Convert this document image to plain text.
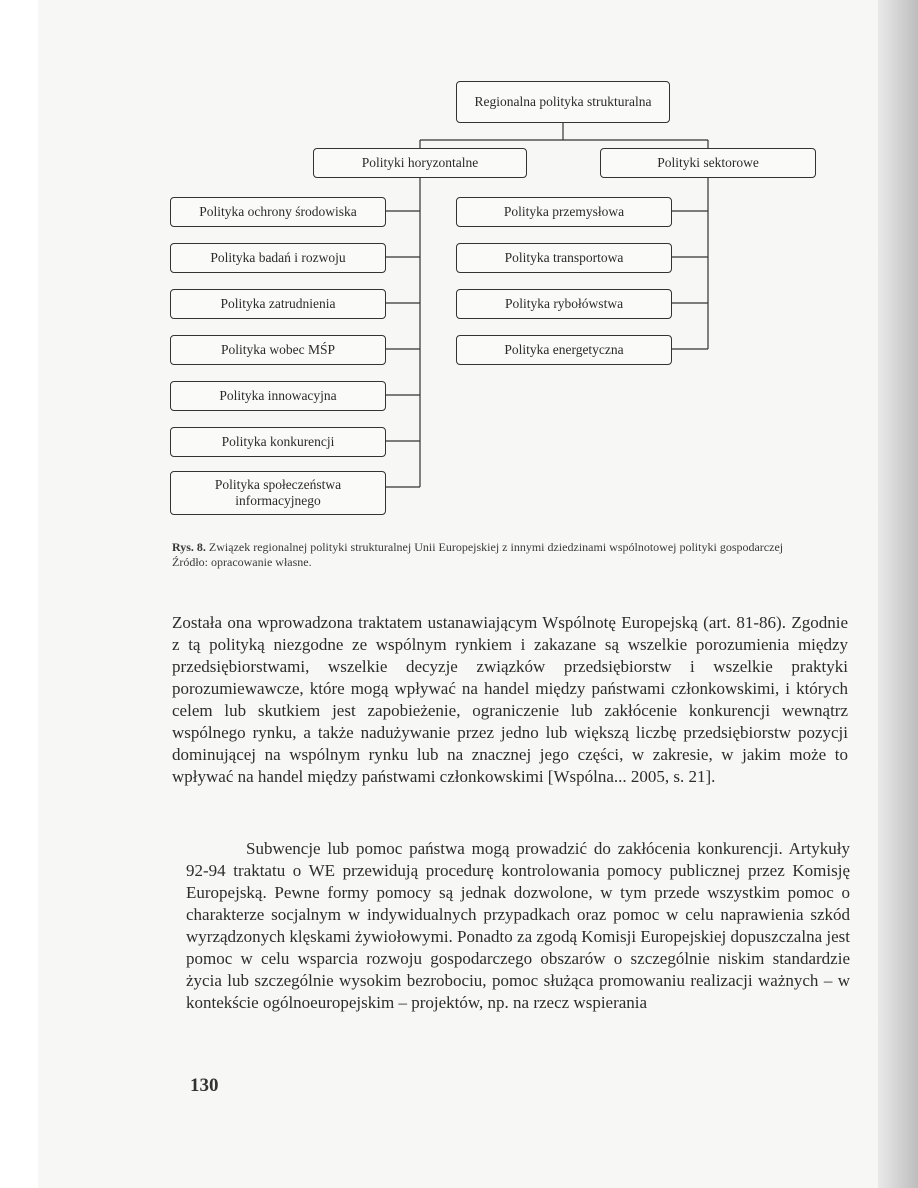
Regionalna polityka strukturalna
Polityki horyzontalne	Polityki sektorowe
Polityka ochrony środowiska
Polityka badań i rozwoju
Polityka zatrudnienia
Polityka wobec MŚP
Polityka innowacyjna
Polityka konkurencji
Polityka społeczeństwa informacyjnego
Polityka przemysłowa
Polityka transportowa
Polityka rybołówstwa
Polityka energetyczna

Rys. 8. Związek regionalnej polityki strukturalnej Unii Europejskiej z innymi dziedzinami wspólnotowej polityki gospodarczej

Źródło: opracowanie własne.

Została ona wprowadzona traktatem ustanawiającym Wspólnotę Europejską (art. 81-86). Zgodnie z tą polityką niezgodne ze wspólnym rynkiem i zakazane są wszelkie porozumienia między przedsiębiorstwami, wszelkie decyzje związków przedsiębiorstw i wszelkie praktyki porozumiewawcze, które mogą wpływać na handel między państwami członkowskimi, i których celem lub skutkiem jest zapobieżenie, ograniczenie lub zakłócenie konkurencji wewnątrz wspólnego rynku, a także nadużywanie przez jedno lub większą liczbę przedsiębiorstw pozycji dominującej na wspólnym rynku lub na znacznej jego części, w zakresie, w jakim może to wpływać na handel między państwami członkowskimi [Wspólna... 2005, s. 21].

Subwencje lub pomoc państwa mogą prowadzić do zakłócenia konkurencji. Artykuły 92-94 traktatu o WE przewidują procedurę kontrolowania pomocy publicznej przez Komisję Europejską. Pewne formy pomocy są jednak dozwolone, w tym przede wszystkim pomoc o charakterze socjalnym w indywidualnych przypadkach oraz pomoc w celu naprawienia szkód wyrządzonych klęskami żywiołowymi. Ponadto za zgodą Komisji Europejskiej dopuszczalna jest pomoc w celu wsparcia rozwoju gospodarczego obszarów o szczególnie niskim standardzie życia lub szczególnie wysokim bezrobociu, pomoc służąca promowaniu realizacji ważnych – w kontekście ogólnoeuropejskim – projektów, np. na rzecz wspierania

130
